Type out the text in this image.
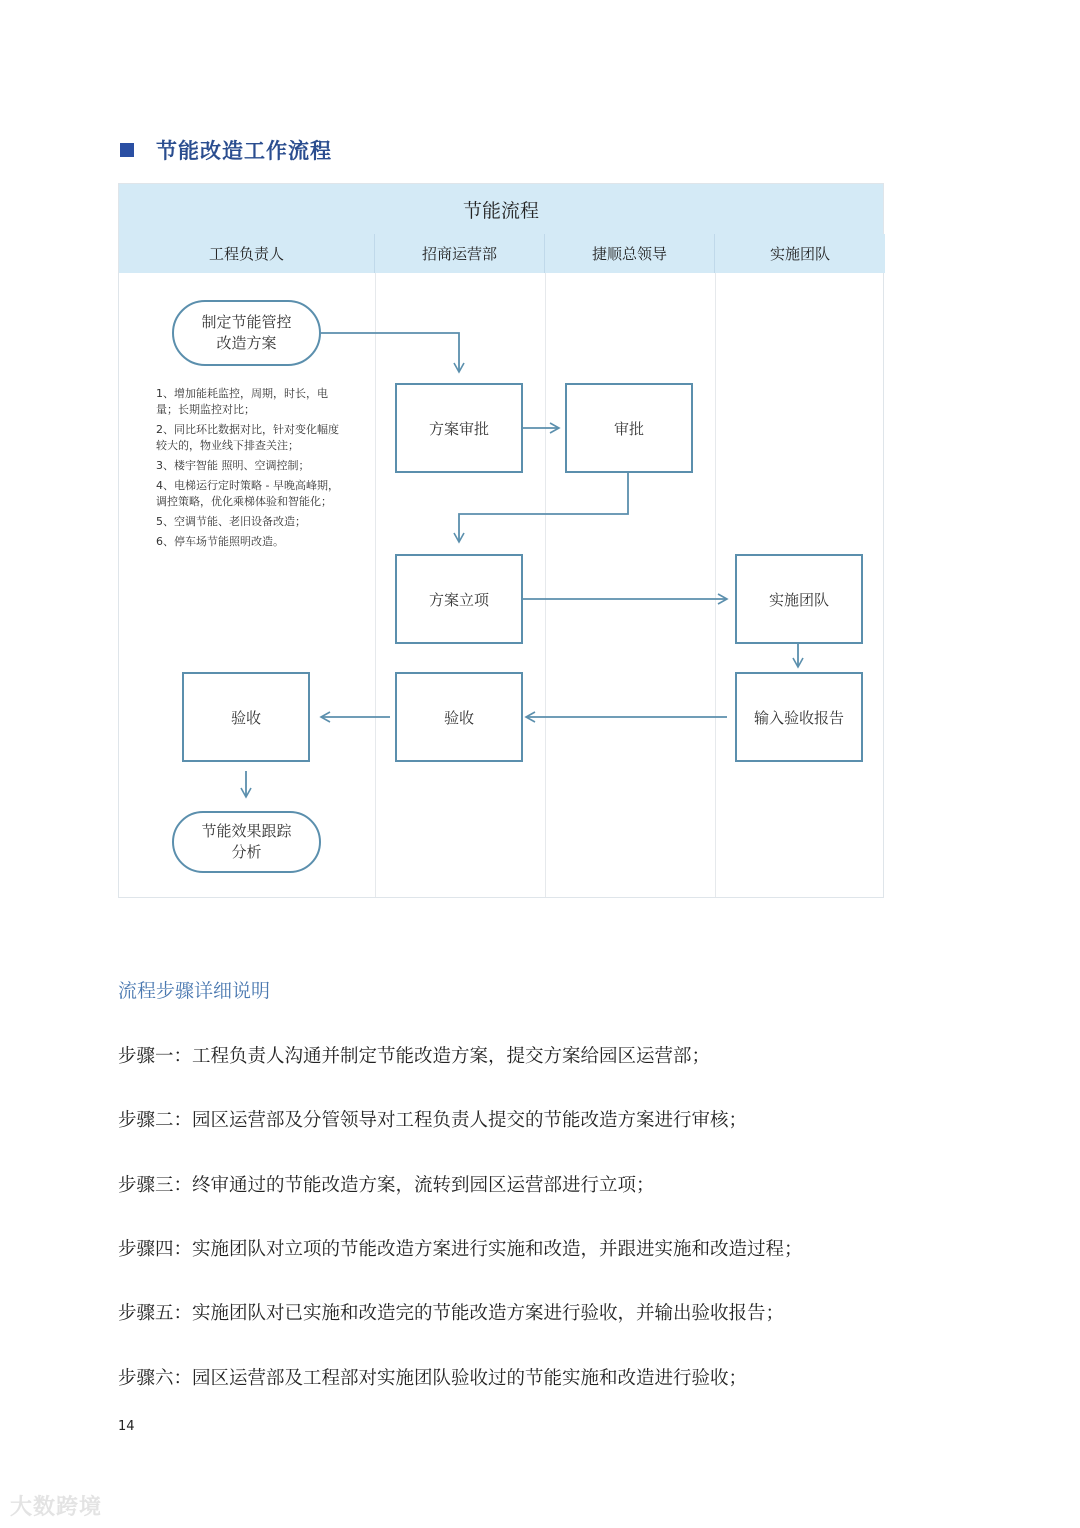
节能改造工作流程
节能流程
工程负责人	招商运营部	捷顺总领导	实施团队
制定节能管控
改造方案
1、增加能耗监控，周期，时长，电量；长期监控对比；
2、同比环比数据对比，针对变化幅度较大的，物业线下排查关注；
3、楼宇智能 照明、空调控制；
4、电梯运行定时策略 - 早晚高峰期，调控策略，优化乘梯体验和智能化；
5、空调节能、老旧设备改造；
6、停车场节能照明改造。
方案审批	审批
方案立项	实施团队
输入验收报告
验收
验收
节能效果跟踪
分析
流程步骤详细说明
步骤一：工程负责人沟通并制定节能改造方案，提交方案给园区运营部；
步骤二：园区运营部及分管领导对工程负责人提交的节能改造方案进行审核；
步骤三：终审通过的节能改造方案，流转到园区运营部进行立项；
步骤四：实施团队对立项的节能改造方案进行实施和改造，并跟进实施和改造过程；
步骤五：实施团队对已实施和改造完的节能改造方案进行验收，并输出验收报告；
步骤六：园区运营部及工程部对实施团队验收过的节能实施和改造进行验收；
14
大数跨境
